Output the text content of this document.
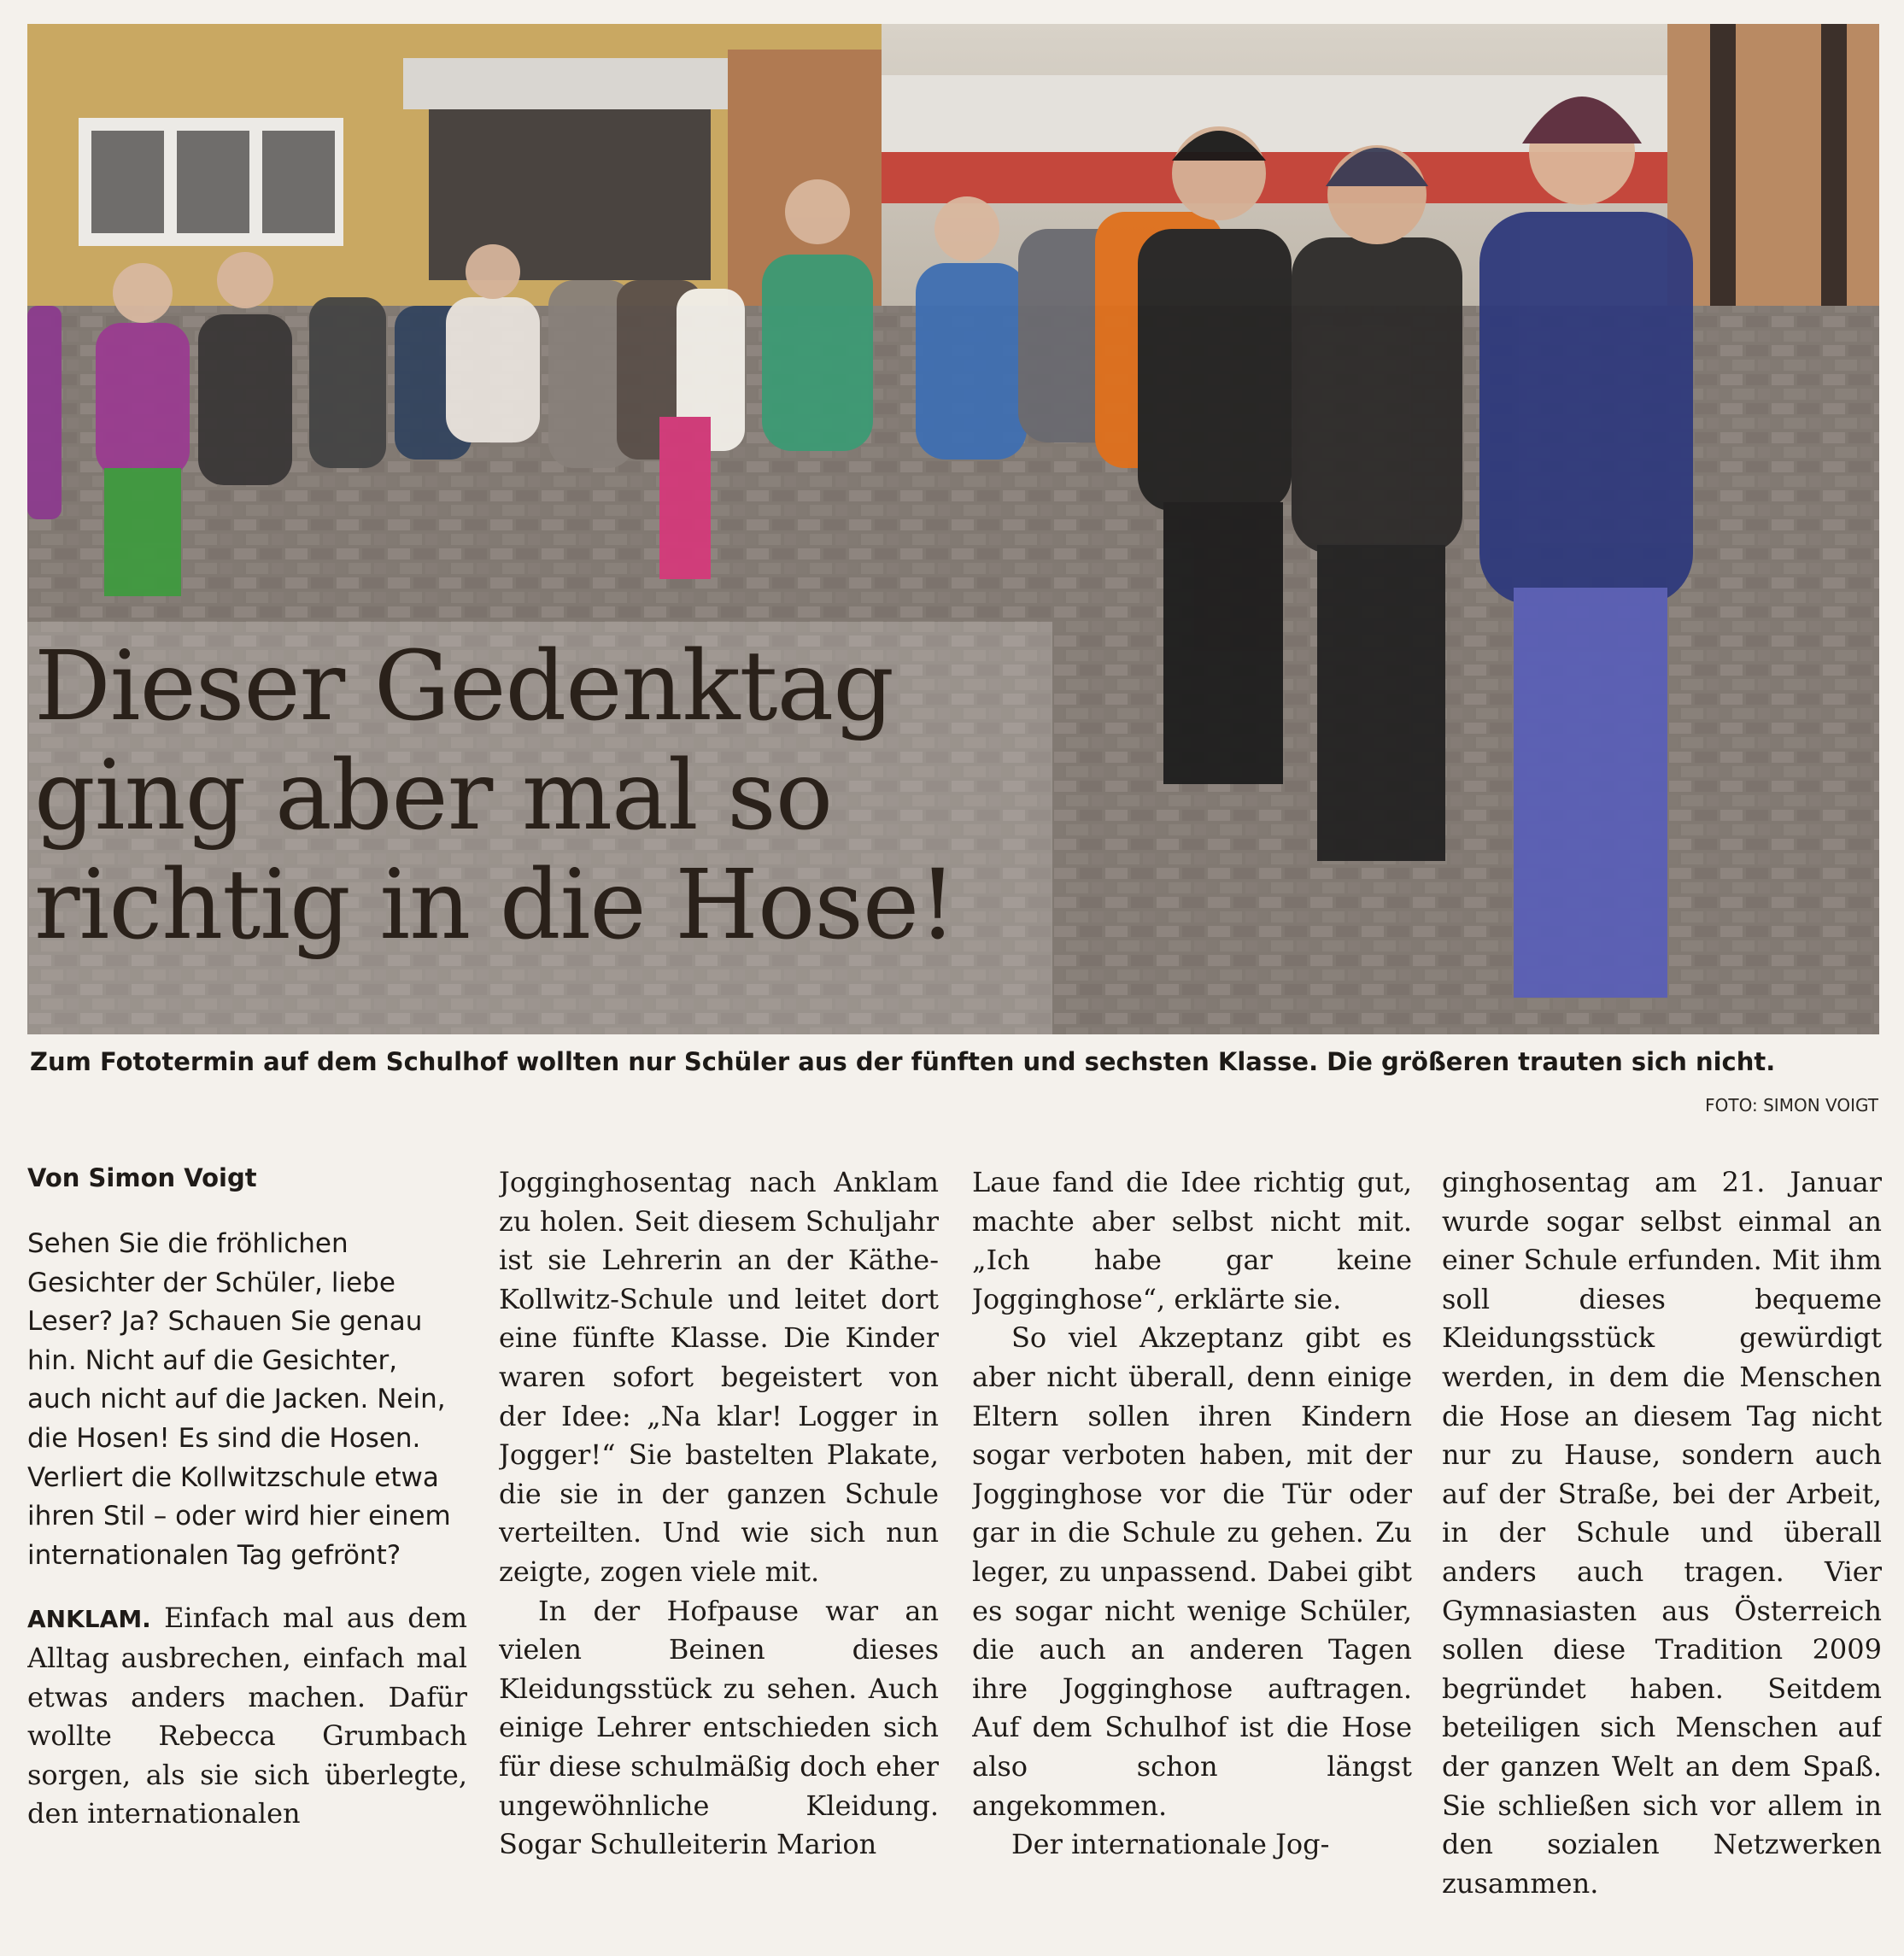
Dieser Gedenktag
ging aber mal so
richtig in die Hose!
Zum Fototermin auf dem Schulhof wollten nur Schüler aus der fünften und sechsten Klasse. Die größeren trauten sich nicht.
FOTO: SIMON VOIGT
Von Simon Voigt

Sehen Sie die fröhlichen Gesichter der Schüler, liebe Leser? Ja? Schauen Sie genau hin. Nicht auf die Gesichter, auch nicht auf die Jacken. Nein, die Hosen! Es sind die Hosen. Verliert die Kollwitzschule etwa ihren Stil – oder wird hier einem internationalen Tag gefrönt?

ANKLAM. Einfach mal aus dem Alltag ausbrechen, einfach mal etwas anders machen. Dafür wollte Rebecca Grumbach sorgen, als sie sich überlegte, den internationalen

Jogginghosentag nach Anklam zu holen. Seit diesem Schuljahr ist sie Lehrerin an der Käthe-Kollwitz-Schule und leitet dort eine fünfte Klasse. Die Kinder waren sofort begeistert von der Idee: „Na klar! Logger in Jogger!“ Sie bastelten Plakate, die sie in der ganzen Schule verteilten. Und wie sich nun zeigte, zogen viele mit.

In der Hofpause war an vielen Beinen dieses Kleidungsstück zu sehen. Auch einige Lehrer entschieden sich für diese schulmäßig doch eher ungewöhnliche Kleidung. Sogar Schulleiterin Marion

Laue fand die Idee richtig gut, machte aber selbst nicht mit. „Ich habe gar keine Jogginghose“, erklärte sie.

So viel Akzeptanz gibt es aber nicht überall, denn einige Eltern sollen ihren Kindern sogar verboten haben, mit der Jogginghose vor die Tür oder gar in die Schule zu gehen. Zu leger, zu unpassend. Dabei gibt es sogar nicht wenige Schüler, die auch an anderen Tagen ihre Jogginghose auftragen. Auf dem Schulhof ist die Hose also schon längst angekommen.

Der internationale Jog-

ginghosentag am 21. Januar wurde sogar selbst einmal an einer Schule erfunden. Mit ihm soll dieses bequeme Kleidungsstück gewürdigt werden, in dem die Menschen die Hose an diesem Tag nicht nur zu Hause, sondern auch auf der Straße, bei der Arbeit, in der Schule und überall anders auch tragen. Vier Gymnasiasten aus Österreich sollen diese Tradition 2009 begründet haben. Seitdem beteiligen sich Menschen auf der ganzen Welt an dem Spaß. Sie schließen sich vor allem in den sozialen Netzwerken zusammen.
